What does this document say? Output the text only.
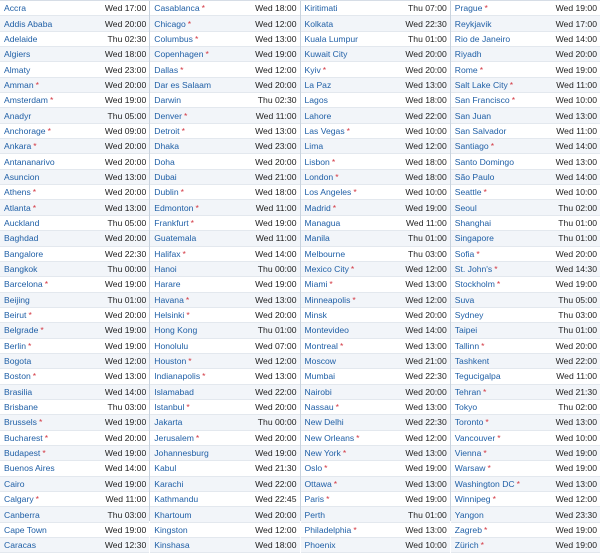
Accra	Wed 17:00
Addis Ababa	Wed 20:00
Adelaide	Thu 02:30
Algiers	Wed 18:00
Almaty	Wed 23:00
Amman *	Wed 20:00
Amsterdam *	Wed 19:00
Anadyr	Thu 05:00
Anchorage *	Wed 09:00
Ankara *	Wed 20:00
Antananarivo	Wed 20:00
Asuncion	Wed 13:00
Athens *	Wed 20:00
Atlanta *	Wed 13:00
Auckland	Thu 05:00
Baghdad	Wed 20:00
Bangalore	Wed 22:30
Bangkok	Thu 00:00
Barcelona *	Wed 19:00
Beijing	Thu 01:00
Beirut *	Wed 20:00
Belgrade *	Wed 19:00
Berlin *	Wed 19:00
Bogota	Wed 12:00
Boston *	Wed 13:00
Brasilia	Wed 14:00
Brisbane	Thu 03:00
Brussels *	Wed 19:00
Bucharest *	Wed 20:00
Budapest *	Wed 19:00
Buenos Aires	Wed 14:00
Cairo	Wed 19:00
Calgary *	Wed 11:00
Canberra	Thu 03:00
Cape Town	Wed 19:00
Caracas	Wed 12:30
Casablanca *	Wed 18:00
Chicago *	Wed 12:00
Columbus *	Wed 13:00
Copenhagen *	Wed 19:00
Dallas *	Wed 12:00
Dar es Salaam	Wed 20:00
Darwin	Thu 02:30
Denver *	Wed 11:00
Detroit *	Wed 13:00
Dhaka	Wed 23:00
Doha	Wed 20:00
Dubai	Wed 21:00
Dublin *	Wed 18:00
Edmonton *	Wed 11:00
Frankfurt *	Wed 19:00
Guatemala	Wed 11:00
Halifax *	Wed 14:00
Hanoi	Thu 00:00
Harare	Wed 19:00
Havana *	Wed 13:00
Helsinki *	Wed 20:00
Hong Kong	Thu 01:00
Honolulu	Wed 07:00
Houston *	Wed 12:00
Indianapolis *	Wed 13:00
Islamabad	Wed 22:00
Istanbul *	Wed 20:00
Jakarta	Thu 00:00
Jerusalem *	Wed 20:00
Johannesburg	Wed 19:00
Kabul	Wed 21:30
Karachi	Wed 22:00
Kathmandu	Wed 22:45
Khartoum	Wed 20:00
Kingston	Wed 12:00
Kinshasa	Wed 18:00
Kiritimati	Thu 07:00
Kolkata	Wed 22:30
Kuala Lumpur	Thu 01:00
Kuwait City	Wed 20:00
Kyiv *	Wed 20:00
La Paz	Wed 13:00
Lagos	Wed 18:00
Lahore	Wed 22:00
Las Vegas *	Wed 10:00
Lima	Wed 12:00
Lisbon *	Wed 18:00
London *	Wed 18:00
Los Angeles *	Wed 10:00
Madrid *	Wed 19:00
Managua	Wed 11:00
Manila	Thu 01:00
Melbourne	Thu 03:00
Mexico City *	Wed 12:00
Miami *	Wed 13:00
Minneapolis *	Wed 12:00
Minsk	Wed 20:00
Montevideo	Wed 14:00
Montreal *	Wed 13:00
Moscow	Wed 21:00
Mumbai	Wed 22:30
Nairobi	Wed 20:00
Nassau *	Wed 13:00
New Delhi	Wed 22:30
New Orleans *	Wed 12:00
New York *	Wed 13:00
Oslo *	Wed 19:00
Ottawa *	Wed 13:00
Paris *	Wed 19:00
Perth	Thu 01:00
Philadelphia *	Wed 13:00
Phoenix	Wed 10:00
Prague *	Wed 19:00
Reykjavik	Wed 17:00
Rio de Janeiro	Wed 14:00
Riyadh	Wed 20:00
Rome *	Wed 19:00
Salt Lake City *	Wed 11:00
San Francisco *	Wed 10:00
San Juan	Wed 13:00
San Salvador	Wed 11:00
Santiago *	Wed 14:00
Santo Domingo	Wed 13:00
São Paulo	Wed 14:00
Seattle *	Wed 10:00
Seoul	Thu 02:00
Shanghai	Thu 01:00
Singapore	Thu 01:00
Sofia *	Wed 20:00
St. John's *	Wed 14:30
Stockholm *	Wed 19:00
Suva	Thu 05:00
Sydney	Thu 03:00
Taipei	Thu 01:00
Tallinn *	Wed 20:00
Tashkent	Wed 22:00
Tegucigalpa	Wed 11:00
Tehran *	Wed 21:30
Tokyo	Thu 02:00
Toronto *	Wed 13:00
Vancouver *	Wed 10:00
Vienna *	Wed 19:00
Warsaw *	Wed 19:00
Washington DC *	Wed 13:00
Winnipeg *	Wed 12:00
Yangon	Wed 23:30
Zagreb *	Wed 19:00
Zürich *	Wed 19:00
